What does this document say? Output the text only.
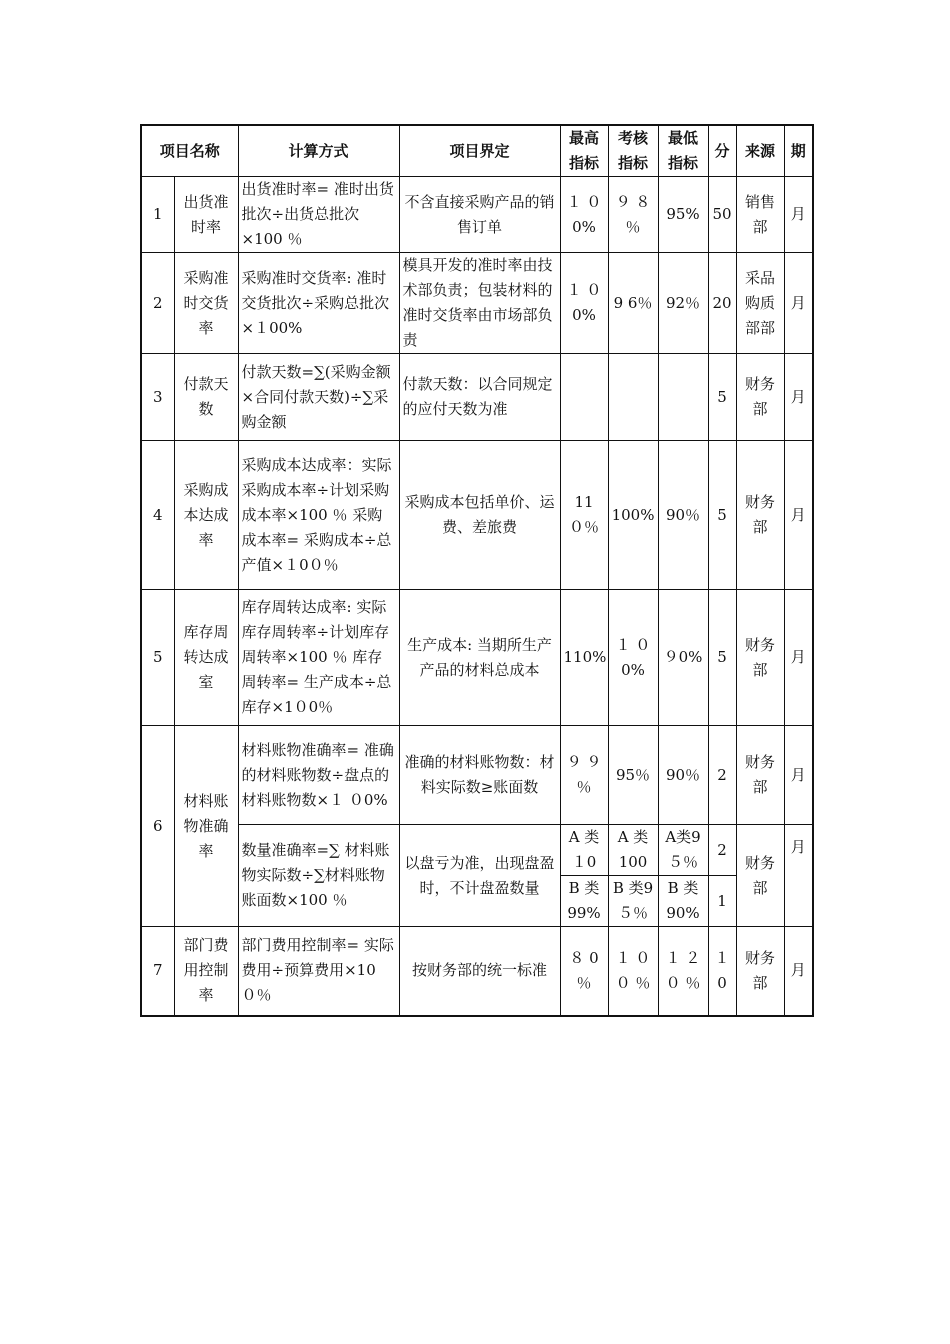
项目名称		计算方式	项目界定	最高指标	考核指标	最低指标	分	来源	期
1	出货准时率	出货准时率= 准时出货批次÷出货总批次×100 ％	不含直接采购产品的销售订单	１ ０0%	９ ８ ％	95%	50	销售部	月
2	采购准时交货率	采购准时交货率: 准时交货批次÷采购总批次×１00%	模具开发的准时率由技术部负责；包装材料的准时交货率由市场部负责	１ ０ 0%	9 6％	92％	20	采品购质部部	月
3	付款天数	付款天数=∑(采购金额×合同付款天数)÷∑采购金额	付款天数：以合同规定的应付天数为准				5	财务部	月
4	采购成本达成率	采购成本达成率：实际采购成本率÷计划采购成本率×100 ％ 采购成本率= 采购成本÷总产值×１0０％	采购成本包括单价、运费、差旅费	11０％	100%	90％	5	财务部	月
5	库存周转达成室	库存周转达成率: 实际库存周转率÷计划库存周转率×100 ％ 库存周转率= 生产成本÷总库存×1０0％	生产成本: 当期所生产产品的材料总成本	110%	１ ０ 0%	９0%	5	财务部	月
6	材料账物准确率	材料账物准确率= 准确的材料账物数÷盘点的材料账物数×１ ０0%	准确的材料账物数：材料实际数≥账面数	９ ９ ％	95％	90％	2	财务部	月
		数量准确率=∑ 材料账物实际数÷∑材料账物账面数×100 ％	以盘亏为准，出现盘盈时，不计盘盈数量	A 类１0	A 类100	A类9５％	2	财务部	月
				B 类99%	B 类9５％	B 类90%	1		
7	部门费用控制率	部门费用控制率= 实际费用÷预算费用×10０％	按财务部的统一标准	８ 0 ％	１ ０ ０ ％	１ ２ ０ ％	１0	财务部	月
